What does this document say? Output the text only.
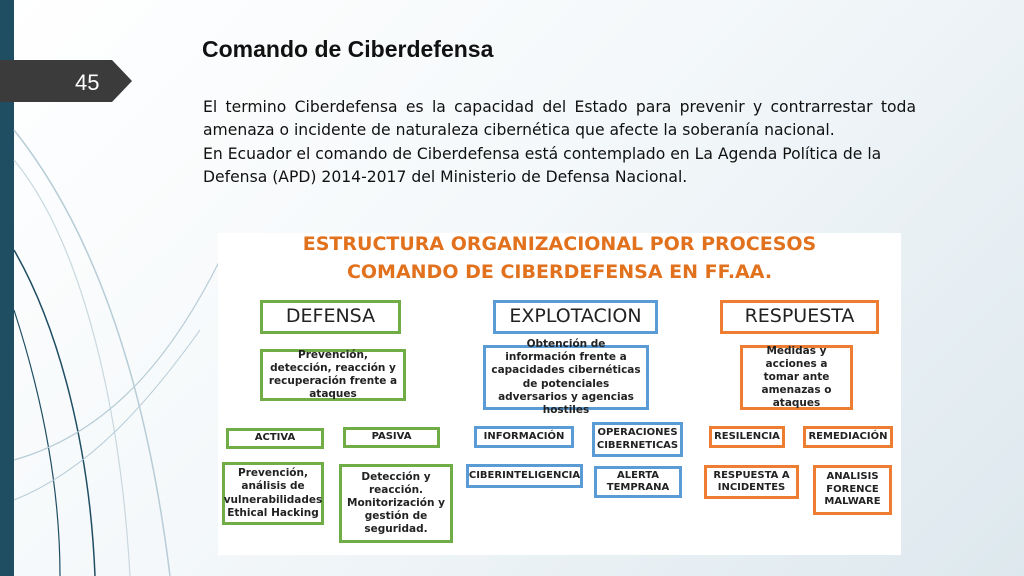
45
Comando de Ciberdefensa

El termino Ciberdefensa es la capacidad del Estado para prevenir y contrarrestar toda amenaza o incidente de naturaleza cibernética que afecte la soberanía nacional.

En Ecuador el comando de Ciberdefensa está contemplado en La Agenda Política de la Defensa (APD) 2014-2017 del Ministerio de Defensa Nacional.

ESTRUCTURA ORGANIZACIONAL POR PROCESOS
COMANDO DE CIBERDEFENSA EN FF.AA.
DEFENSA
Prevención, detección, reacción y recuperación frente a ataques
ACTIVA	PASIVA
Prevención, análisis de vulnerabilidades Ethical Hacking
Detección y reacción. Monitorización y gestión de seguridad.
EXPLOTACION
Obtención de información frente a capacidades cibernéticas de potenciales adversarios y agencias hostiles
INFORMACIÓN	OPERACIONES CIBERNETICAS
CIBERINTELIGENCIA	ALERTA TEMPRANA
RESPUESTA
Medidas y acciones a tomar ante amenazas o ataques
RESILENCIA	REMEDIACIÓN
RESPUESTA A INCIDENTES
ANALISIS FORENCE MALWARE
